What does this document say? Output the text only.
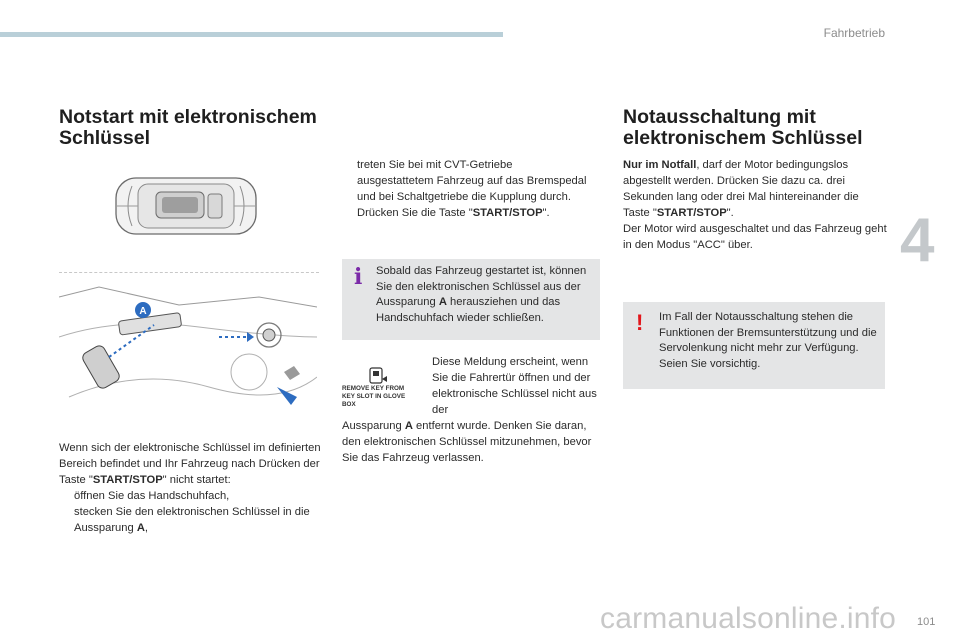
Fahrbetrieb
4
Notstart mit elektronischem
Schlüssel
A

Wenn sich der elektronische Schlüssel im definierten Bereich befindet und Ihr Fahrzeug nach Drücken der Taste "START/STOP" nicht startet:

öffnen Sie das Handschuhfach,
stecken Sie den elektronischen Schlüssel in die Aussparung A,
treten Sie bei mit CVT-Getriebe ausgestattetem Fahrzeug auf das Bremspedal und bei Schaltgetriebe die Kupplung durch.
Drücken Sie die Taste "START/STOP".
i Sobald das Fahrzeug gestartet ist, können Sie den elektronischen Schlüssel aus der Aussparung A herausziehen und das Handschuhfach wieder schließen.
REMOVE KEY FROM KEY SLOT IN GLOVE BOX
Diese Meldung erscheint, wenn Sie die Fahrertür öffnen und der elektronische Schlüssel nicht aus der
Aussparung A entfernt wurde. Denken Sie daran, den elektronischen Schlüssel mitzunehmen, bevor Sie das Fahrzeug verlassen.
Notausschaltung mit
elektronischem Schlüssel

Nur im Notfall, darf der Motor bedingungslos abgestellt werden. Drücken Sie dazu ca. drei Sekunden lang oder drei Mal hintereinander die Taste "START/STOP".

Der Motor wird ausgeschaltet und das Fahrzeug geht in den Modus "ACC" über.

! Im Fall der Notausschaltung stehen die Funktionen der Bremsunterstützung und die Servolenkung nicht mehr zur Verfügung. Seien Sie vorsichtig.
carmanualsonline.info 101
